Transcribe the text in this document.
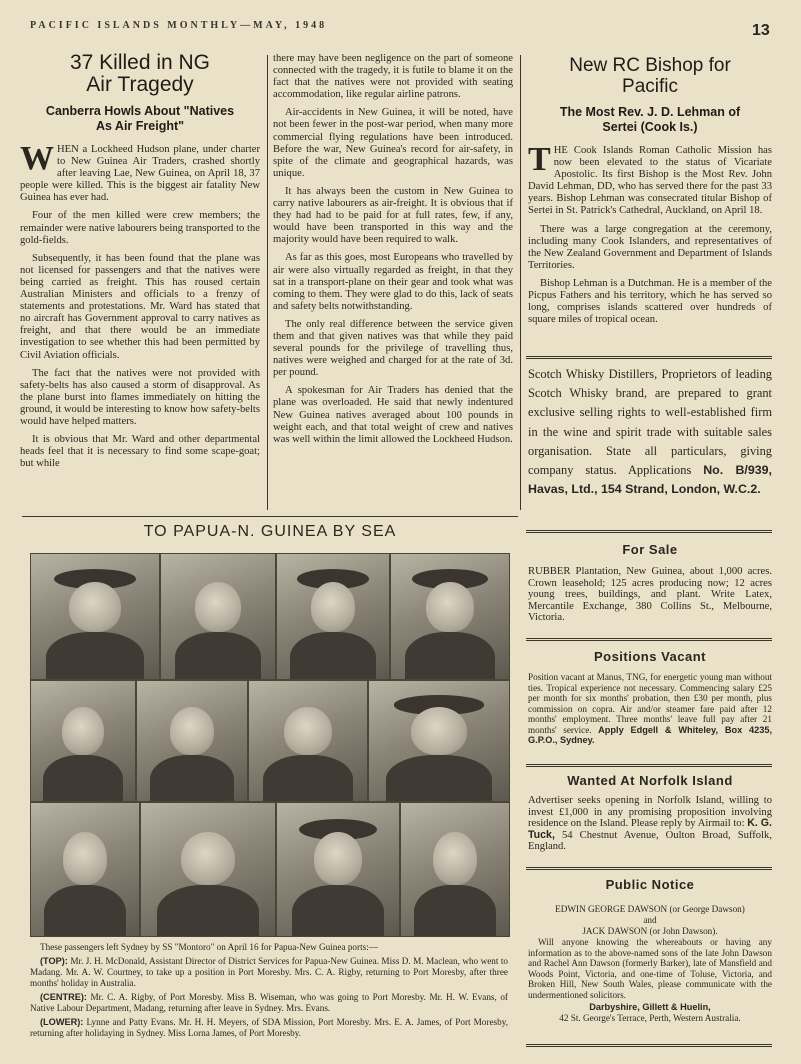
PACIFIC ISLANDS MONTHLY—MAY, 1948	13
37 Killed in NG
Air Tragedy
Canberra Howls About "Natives
As Air Freight"

WHEN a Lockheed Hudson plane, under charter to New Guinea Air Traders, crashed shortly after leaving Lae, New Guinea, on April 18, 37 people were killed. This is the biggest air fatality New Guinea has ever had.

Four of the men killed were crew members; the remainder were native labourers being transported to the gold-fields.

Subsequently, it has been found that the plane was not licensed for passengers and that the natives were being carried as freight. This has roused certain Australian Ministers and officials to a frenzy of statements and protestations. Mr. Ward has stated that no aircraft has Government approval to carry natives as freight, and that there would be an immediate investigation to see whether this had been permitted by Civil Aviation officials.

The fact that the natives were not provided with safety-belts has also caused a storm of disapproval. As the plane burst into flames immediately on hitting the ground, it would be interesting to know how safety-belts would have helped matters.

It is obvious that Mr. Ward and other departmental heads feel that it is necessary to find some scape-goat; but while

there may have been negligence on the part of someone connected with the tragedy, it is futile to blame it on the fact that the natives were not provided with seating accommodation, like regular airline patrons.

Air-accidents in New Guinea, it will be noted, have not been fewer in the post-war period, when many more commercial flying regulations have been introduced. Before the war, New Guinea's record for air-safety, in spite of the climate and geographical hazards, was unique.

It has always been the custom in New Guinea to carry native labourers as air-freight. It is obvious that if they had had to be paid for at full rates, few, if any, would have been transported in this way and the majority would have been required to walk.

As far as this goes, most Europeans who travelled by air were also virtually regarded as freight, in that they sat in a transport-plane on their gear and took what was coming to them. They were glad to do this, lack of seats and safety belts notwithstanding.

The only real difference between the service given them and that given natives was that while they paid several pounds for the privilege of travelling thus, natives were weighed and charged for at the rate of 3d. per pound.

A spokesman for Air Traders has denied that the plane was overloaded. He said that newly indentured New Guinea natives averaged about 100 pounds in weight each, and that total weight of crew and natives was well within the limit allowed the Lockheed Hudson.

New RC Bishop for
Pacific
The Most Rev. J. D. Lehman of
Sertei (Cook Is.)

THE Cook Islands Roman Catholic Mission has now been elevated to the status of Vicariate Apostolic. Its first Bishop is the Most Rev. John David Lehman, DD, who has served there for the past 33 years. Bishop Lehman was consecrated titular Bishop of Sertei in St. Patrick's Cathedral, Auckland, on April 18.

There was a large congregation at the ceremony, including many Cook Islanders, and representatives of the New Zealand Government and Department of Islands Territories.

Bishop Lehman is a Dutchman. He is a member of the Picpus Fathers and his territory, which he has served so long, comprises islands scattered over hundreds of square miles of tropical ocean.

Scotch Whisky Distillers, Proprietors of leading Scotch Whisky brand, are prepared to grant exclusive selling rights to well-established firm in the wine and spirit trade with suitable sales organisation. State all particulars, giving company status. Applications No. B/939, Havas, Ltd., 154 Strand, London, W.C.2.
For Sale
RUBBER Plantation, New Guinea, about 1,000 acres. Crown leasehold; 125 acres producing now; 12 acres young trees, buildings, and plant. Write Latex, Mercantile Exchange, 380 Collins St., Melbourne, Victoria.
Positions Vacant
Position vacant at Manus, TNG, for energetic young man without ties. Tropical experience not necessary. Commencing salary £25 per month for six months' probation, then £30 per month, plus commission on copra. Air and/or steamer fare paid after 12 months' employment. Three months' leave full pay after 21 months' service. Apply Edgell & Whiteley, Box 4235, G.P.O., Sydney.
Wanted At Norfolk Island
Advertiser seeks opening in Norfolk Island, willing to invest £1,000 in any promising proposition involving residence on the Island. Please reply by Airmail to: K. G. Tuck, 54 Chestnut Avenue, Oulton Broad, Suffolk, England.
Public Notice
EDWIN GEORGE DAWSON (or George Dawson)
and
JACK DAWSON (or John Dawson).
Will anyone knowing the whereabouts or having any information as to the above-named sons of the late John Dawson and Rachel Ann Dawson (formerly Barker), late of Mansfield and Woods Point, Victoria, and one-time of Toluse, Victoria, and Broken Hill, New South Wales, please communicate with the undermentioned solicitors.
Darbyshire, Gillett & Huelin,
42 St. George's Terrace, Perth, Western Australia.
TO PAPUA-N. GUINEA BY SEA

These passengers left Sydney by SS "Montoro" on April 16 for Papua-New Guinea ports:—

(TOP): Mr. J. H. McDonald, Assistant Director of District Services for Papua-New Guinea. Miss D. M. Maclean, who went to Madang. Mr. A. W. Courtney, to take up a position in Port Moresby. Mrs. C. A. Rigby, returning to Port Moresby, after three months' holiday in Australia.

(CENTRE): Mr. C. A. Rigby, of Port Moresby. Miss B. Wiseman, who was going to Port Moresby. Mr. H. W. Evans, of Native Labour Department, Madang, returning after leave in Sydney. Mrs. Evans.

(LOWER): Lynne and Patty Evans. Mr. H. H. Meyers, of SDA Mission, Port Moresby. Mrs. E. A. James, of Port Moresby, returning after holidaying in Sydney. Miss Lorna James, of Port Moresby.
